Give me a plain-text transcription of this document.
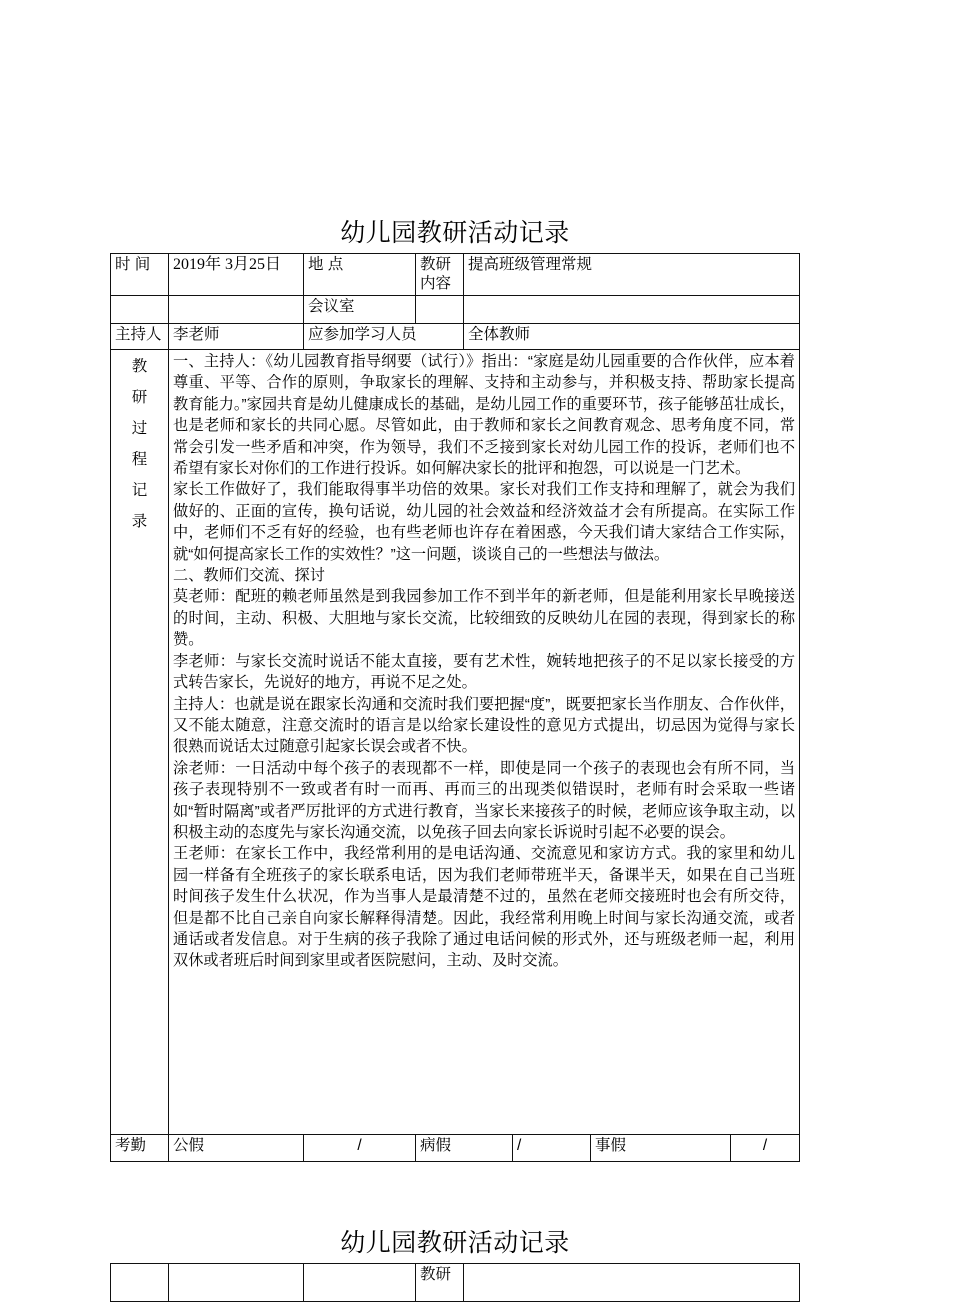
幼儿园教研活动记录
时 间	2019年 3月25日	地 点	教研内容	提高班级管理常规
		会议室		
主持人	李老师	应参加学习人员		全体教师

教
研
过
程
记
录

一、主持人：《幼儿园教育指导纲要（试行）》指出：“家庭是幼儿园重要的合作伙伴，应本着尊重、平等、合作的原则，争取家长的理解、支持和主动参与，并积极支持、帮助家长提高教育能力。”家园共育是幼儿健康成长的基础，是幼儿园工作的重要环节，孩子能够茁壮成长，也是老师和家长的共同心愿。尽管如此，由于教师和家长之间教育观念、思考角度不同，常常会引发一些矛盾和冲突，作为领导，我们不乏接到家长对幼儿园工作的投诉，老师们也不希望有家长对你们的工作进行投诉。如何解决家长的批评和抱怨，可以说是一门艺术。

家长工作做好了，我们能取得事半功倍的效果。家长对我们工作支持和理解了，就会为我们做好的、正面的宣传，换句话说，幼儿园的社会效益和经济效益才会有所提高。在实际工作中，老师们不乏有好的经验，也有些老师也许存在着困惑，今天我们请大家结合工作实际，就“如何提高家长工作的实效性？”这一问题，谈谈自己的一些想法与做法。

二、教师们交流、探讨

莫老师：配班的赖老师虽然是到我园参加工作不到半年的新老师，但是能利用家长早晚接送的时间，主动、积极、大胆地与家长交流，比较细致的反映幼儿在园的表现，得到家长的称赞。

李老师：与家长交流时说话不能太直接，要有艺术性，婉转地把孩子的不足以家长接受的方式转告家长，先说好的地方，再说不足之处。

主持人：也就是说在跟家长沟通和交流时我们要把握“度”，既要把家长当作朋友、合作伙伴，又不能太随意，注意交流时的语言是以给家长建设性的意见方式提出，切忌因为觉得与家长很熟而说话太过随意引起家长误会或者不快。

涂老师：一日活动中每个孩子的表现都不一样，即使是同一个孩子的表现也会有所不同，当孩子表现特别不一致或者有时一而再、再而三的出现类似错误时，老师有时会采取一些诸如“暂时隔离”或者严厉批评的方式进行教育，当家长来接孩子的时候，老师应该争取主动，以积极主动的态度先与家长沟通交流，以免孩子回去向家长诉说时引起不必要的误会。

王老师：在家长工作中，我经常利用的是电话沟通、交流意见和家访方式。我的家里和幼儿园一样备有全班孩子的家长联系电话，因为我们老师带班半天，备课半天，如果在自己当班时间孩子发生什么状况，作为当事人是最清楚不过的，虽然在老师交接班时也会有所交待，但是都不比自己亲自向家长解释得清楚。因此，我经常利用晚上时间与家长沟通交流，或者通话或者发信息。对于生病的孩子我除了通过电话问候的形式外，还与班级老师一起，利用双休或者班后时间到家里或者医院慰问，主动、及时交流。

考勤	公假	/	病假	/	事假	/
幼儿园教研活动记录
			教研	
